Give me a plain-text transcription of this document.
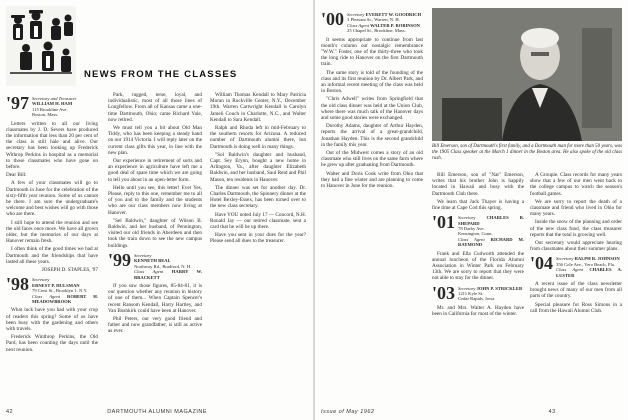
NEWS FROM THE CLASSES
'97 Secretary and Treasurer
WILLIAM H. HAM
115 Brookline Ave.
Boston, Mass.

Letters written to all our living classmates by J. D. Severs have produced the information that less than 20 per cent of the class is still hale and alive. Our secretary has been looking up Frederick Withrop Perkins in hospital as a memorial to those classmates who have gone on before.

Dear Bill:

A few of your classmates will go to Dartmouth in June for the celebration of the sixty-fifth year reunion. Some of us cannot be there. I am sure the undergraduate's welcome and best wishes will go with those who are there.

I still hope to attend the reunion and see the old faces once more. We have all grown older, but the memories of our days at Hanover remain fresh.

I often think of the good times we had at Dartmouth and the friendships that have lasted all these years.

JOSEPH D. STAPLES, '97

'98 Secretary
ERNEST P. HULSMAN
79 Crest St., Brooklyn 1, N.Y.
Class Agent ROBERT H. MEADOWBROOK

What luck have you had with your crop of readers this spring? Some of us have been busy with the gardening and others with travels.

Frederick Winthrop Perkins, the Old Pard, has been counting the days until the next reunion.

Park, rugged, terse, loyal, and individualistic, most of all those lines of Longfellow. From all of Kansas came a one-time Dartmouth, Ohio; came Richard Yale, now retired.

We must tell you a bit about Old Man Tiddy, who has been keeping a steady hand on our 1914 Victoria. I will reply later on the current class gifts this year, in line with the new plan.

Our experience in retirement of sorts and an experience in agriculture have left me a good deal of spare time which we are going to tell you about in an open-letter form.

Hello until you see, this letter! Ever Yes, Please, reply to this one, remember me to all of you and to the family and the students who are our class members now living at Hanover.

"Sel Baldwin," daughter of Wilson B. Baldwin, and her husband, of Pennington, visited our old friends in Aberdeen and then took the train down to see the new campus buildings.

'99 Secretary
KENNETH BEAL
Northway Rd., Bradford, N. H.
Class Agent HARRY W. BRACKETT

If you saw those figures, 85-84-81, it is our question whether any reunion in history of one of them... When Captain Spencer's recent Ransom Kendall, Harry Hartley, and Van Bushkirk could have been at Hanover.

Phil Peters, our very good friend and father and now grandfather, is still as active as ever.

William Thomas Kendall to Mary Patricia Moran in Rockville Center, N.Y., December 19th. Warren Cartwright Kendall is Carolyn Jameli Couch in Charlotte, N.C., and Walter Kendall to Sara Kendall.

Ralph and Rhoda left in mid-February to the southern resorts for Arizona. A reduced number of Dartmouth alumni there, but Dartmouth is doing well in many things.

"Sol Baldwin's daughter and husband, Capt. Sey Erynn, bought a new home in Arlington, Va., after daughter Elizabeth Baldwin, and her husband, Saul Reid and Phil Mason, ten residents in Hanover.

The dinner was set for another day. Dr. Charles Dartmouth, the Spinnery dinner at the Hotel Bexley-Essex, has been turned over to the new class secretary.

Have YOU noted July 17 — Concord, N.H. Ronald Jay — our retired classmate, sent a card that he will be up there.

Have you sent in your dues for the year? Please send all dues to the treasurer.

42	DARTMOUTH ALUMNI MAGAZINE
'00 Secretary EVERETT W. GOODRICH
3 Pleasant St., Warren, N. H.
Class Agent WALTER P. ROBINSON
25 Chapel St., Brookline, Mass.

It seems appropriate to continue from last month's column our nostalgic remembrance "W.W." Foster, one of the thirty-three who took the long ride to Hanover on the first Dartmouth train.

The same story is told of the founding of the class and its first reunion by Dr. Albert Park, and an informal recent meeting of the class was held in Boston.

"Chris Adwell" writes from Springfield that the old class dinner was held at the Union Club, where there was much talk of the Hanover days and some good stories were exchanged.

Dorothy Adams, daughter of Arthur Hayden, reports the arrival of a great-grandchild, Jonathan Hayden. This is the second grandchild in the family this year.

Out of the Midwest comes a story of an old classmate who still lives on the same farm where he grew up after graduating from Dartmouth.

Walter and Doris Cook write from Ohio that they had a fine winter and are planning to come to Hanover in June for the reunion.

Bill Emerson, son of Dartmouth's first family, and a Dartmouth man for more than 50 years, was the 1905 Class speaker at the March 1 dinner in the Boston area. He also spoke of the old class rush.

Bill Emerson, son of "Nat" Emerson, writes that his brother John is happily located in Hawaii and busy with the Dartmouth Club there.

We learn that Jack Thayer is having a fine time at Cape Cod this spring.

'01 Secretary CHARLES B. SHEPARD
78 Darby Ave.
Kensington, Conn.
Class Agent RICHARD M. RAYMOND

Frank and Ella Cudworth attended the annual luncheon of the Florida Alumni Association in Winter Park on February 13th. We are sorry to report that they were not able to stay for the dinner.

'03 Secretary JOHN P. STRICKLER
1211 Kyle St.
Cedar Rapids, Iowa

Mr. and Mrs. Walter A. Hayden have been in California for most of the winter.

A Groupie. Class records for many years show that a few of our men went back to the college campus to watch the season's football games.

We are sorry to report the death of a classmate and friend who lived in Ohio for many years.

Inside the snow of the planning and order of the new class fund, the class treasurer reports that the total is growing well.

Our secretary would appreciate hearing from classmates about their summer plans.

'04 Secretary RALPH R. JOHNSON
356 Cole Ave., Vero Beach, Fla.
Class Agent CHARLES A. LUSTER

A recent issue of the class newsletter brought news of many of our men from all parts of the country.

Special pleasure for Ross Simons in a call from the Hawaii Alumni Club.

Issue of May 1962	43
